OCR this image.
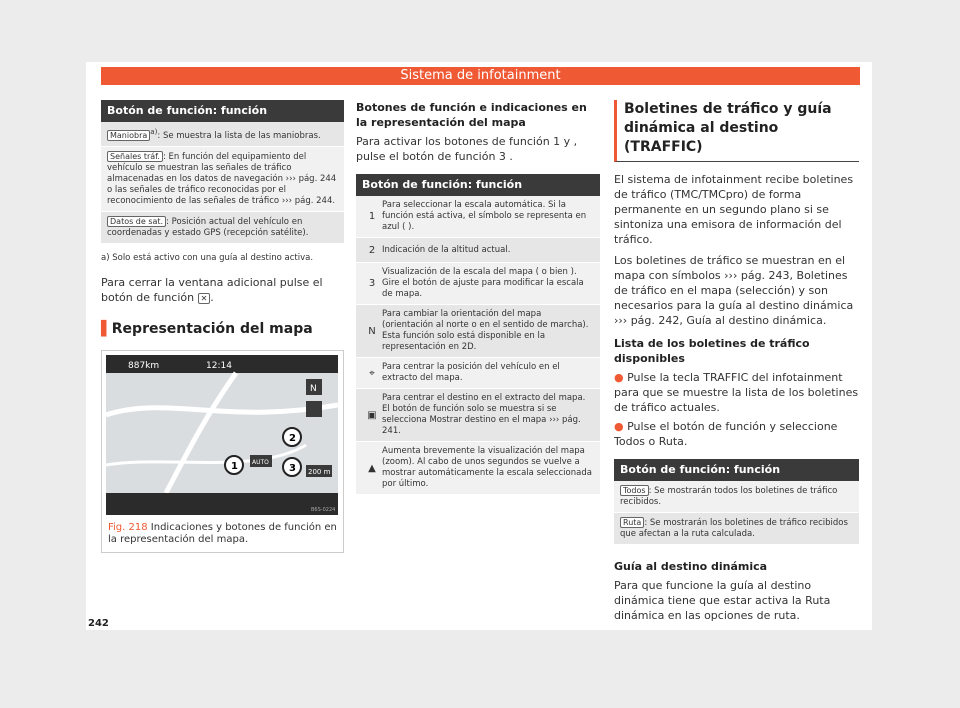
Sistema de infotainment
Botón de función: función
Maniobra $^{a)}$: Se muestra la lista de las maniobras.
Señales tráf. : En función del equipamiento del vehículo se muestran las señales de tráfico almacenadas en los datos de navegación ››› pág. 244 o las señales de tráfico reconocidas por el reconocimiento de las señales de tráfico ››› pág. 244.
Datos de sat. : Posición actual del vehículo en coordenadas y estado GPS (recepción satélite).
a) Solo está activo con una guía al destino activa.
Para cerrar la ventana adicional pulse el botón de función ✕ .
▌Representación del mapa
887km	12:14
N
200 m
AUTO
1
2
3
B6S-0224
Fig. 218 Indicaciones y botones de función en la representación del mapa.
Botones de función e indicaciones en la representación del mapa
Para activar los botones de función 1 y , pulse el botón de función 3 .
Botón de función: función
1
Para seleccionar la escala automática. Si la función está activa, el símbolo se representa en azul ( ).
2 Indicación de la altitud actual.
3
Visualización de la escala del mapa ( o bien ). Gire el botón de ajuste para modificar la escala de mapa.
N
Para cambiar la orientación del mapa (orientación al norte o en el sentido de marcha). Esta función solo está disponible en la representación en 2D.
⌖
Para centrar la posición del vehículo en el extracto del mapa.
▣
Para centrar el destino en el extracto del mapa. El botón de función solo se muestra si se selecciona Mostrar destino en el mapa ››› pág. 241.
▲
Aumenta brevemente la visualización del mapa (zoom). Al cabo de unos segundos se vuelve a mostrar automáticamente la escala seleccionada por último.
Boletines de tráfico y guía dinámica al destino (TRAFFIC)
El sistema de infotainment recibe boletines de tráfico (TMC/TMCpro) de forma permanente en un segundo plano si se sintoniza una emisora de información del tráfico.
Los boletines de tráfico se muestran en el mapa con símbolos ››› pág. 243, Boletines de tráfico en el mapa (selección) y son necesarios para la guía al destino dinámica ››› pág. 242, Guía al destino dinámica.
Lista de los boletines de tráfico disponibles
● Pulse la tecla TRAFFIC del infotainment para que se muestre la lista de los boletines de tráfico actuales.
● Pulse el botón de función y seleccione Todos o Ruta.
Botón de función: función
Todos : Se mostrarán todos los boletines de tráfico recibidos.
Ruta : Se mostrarán los boletines de tráfico recibidos que afectan a la ruta calculada.
Guía al destino dinámica
Para que funcione la guía al destino dinámica tiene que estar activa la Ruta dinámica en las opciones de ruta.
242
